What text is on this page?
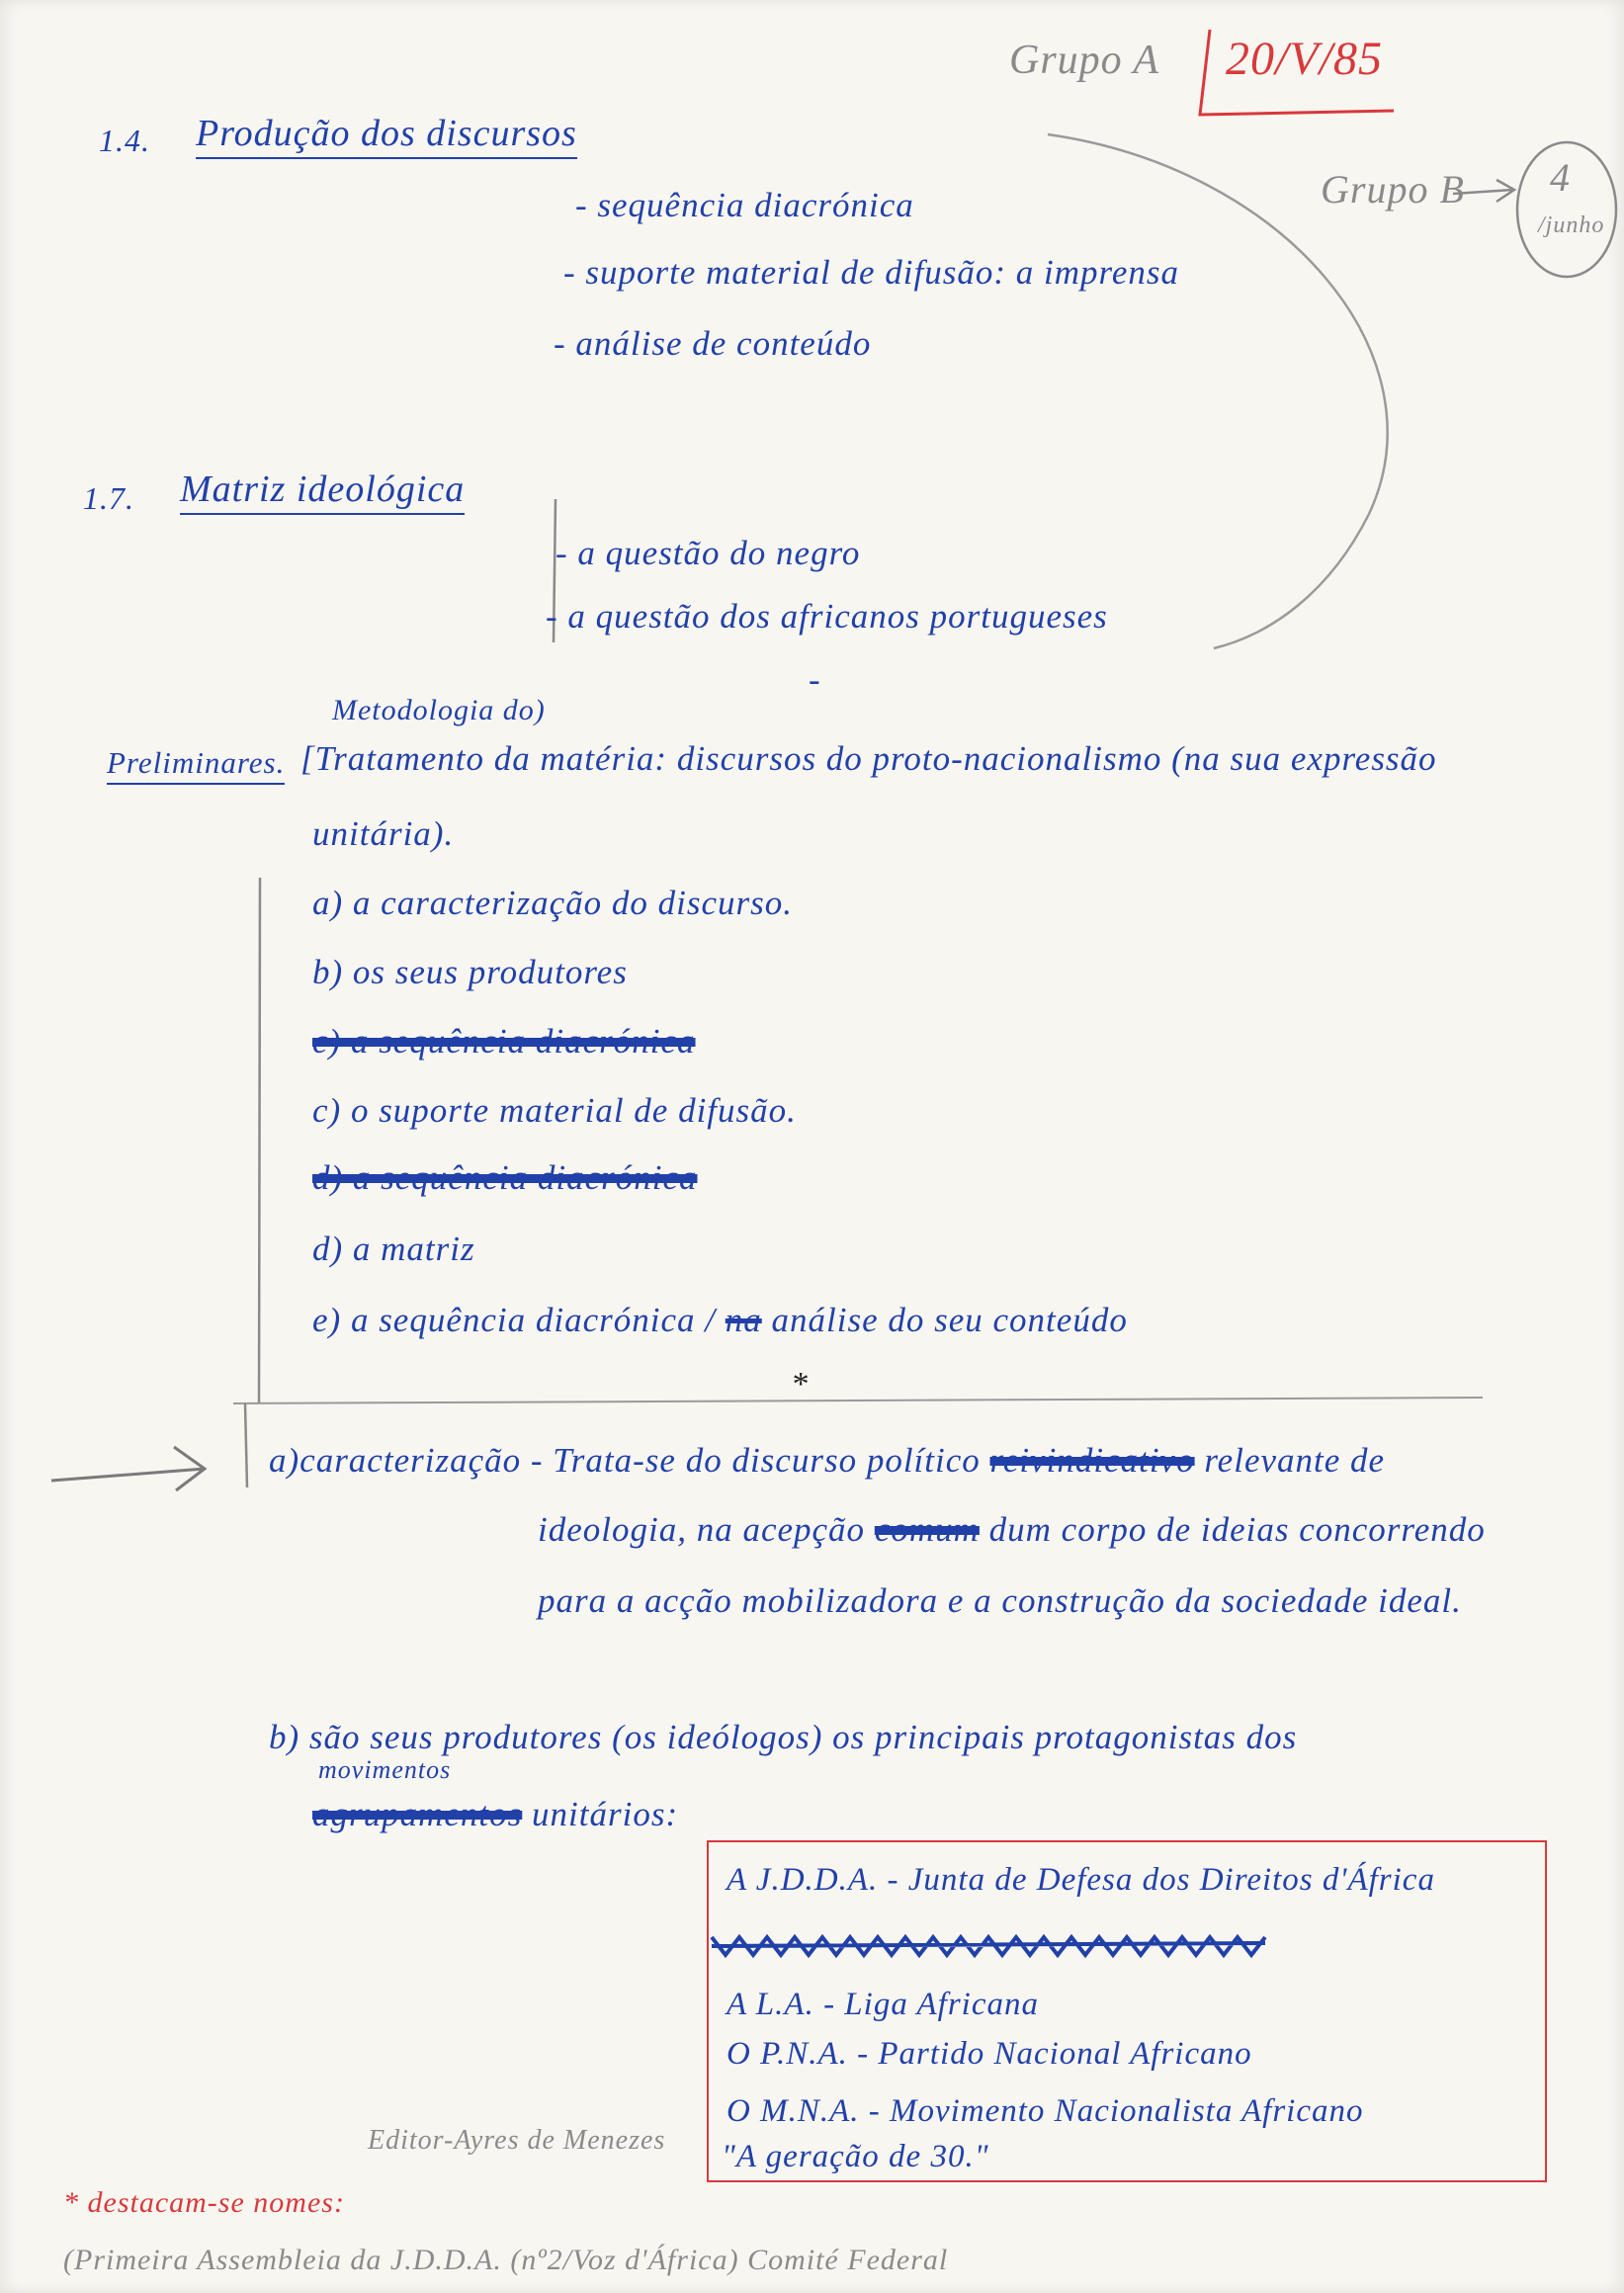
Grupo A 20/V/85
Grupo B 4
/junho
1.4. Produção dos discursos
- sequência diacrónica
- suporte material de difusão: a imprensa
- análise de conteúdo
1.7. Matriz ideológica
- a questão do negro
- a questão dos africanos portugueses
-
Metodologia do)
Preliminares. [Tratamento da matéria: discursos do proto-nacionalismo (na sua expressão
unitária).
a) a caracterização do discurso.
b) os seus produtores
c) a sequência diacrónica
c) o suporte material de difusão.
d) a sequência diacrónica
d) a matriz
e) a sequência diacrónica / na análise do seu conteúdo
*
a)caracterização - Trata-se do discurso político reivindicativo relevante de
ideologia, na acepção comum dum corpo de ideias concorrendo
para a acção mobilizadora e a construção da sociedade ideal.
b) são seus produtores (os ideólogos) os principais protagonistas dos
movimentos
agrupamentos unitários:
A J.D.D.A. - Junta de Defesa dos Direitos d'África
A L.A. - Liga Africana
O P.N.A. - Partido Nacional Africano
O M.N.A. - Movimento Nacionalista Africano
"A geração de 30."
Editor-Ayres de Menezes
* destacam-se nomes:
(Primeira Assembleia da J.D.D.A. (nº2/Voz d'África) Comité Federal
